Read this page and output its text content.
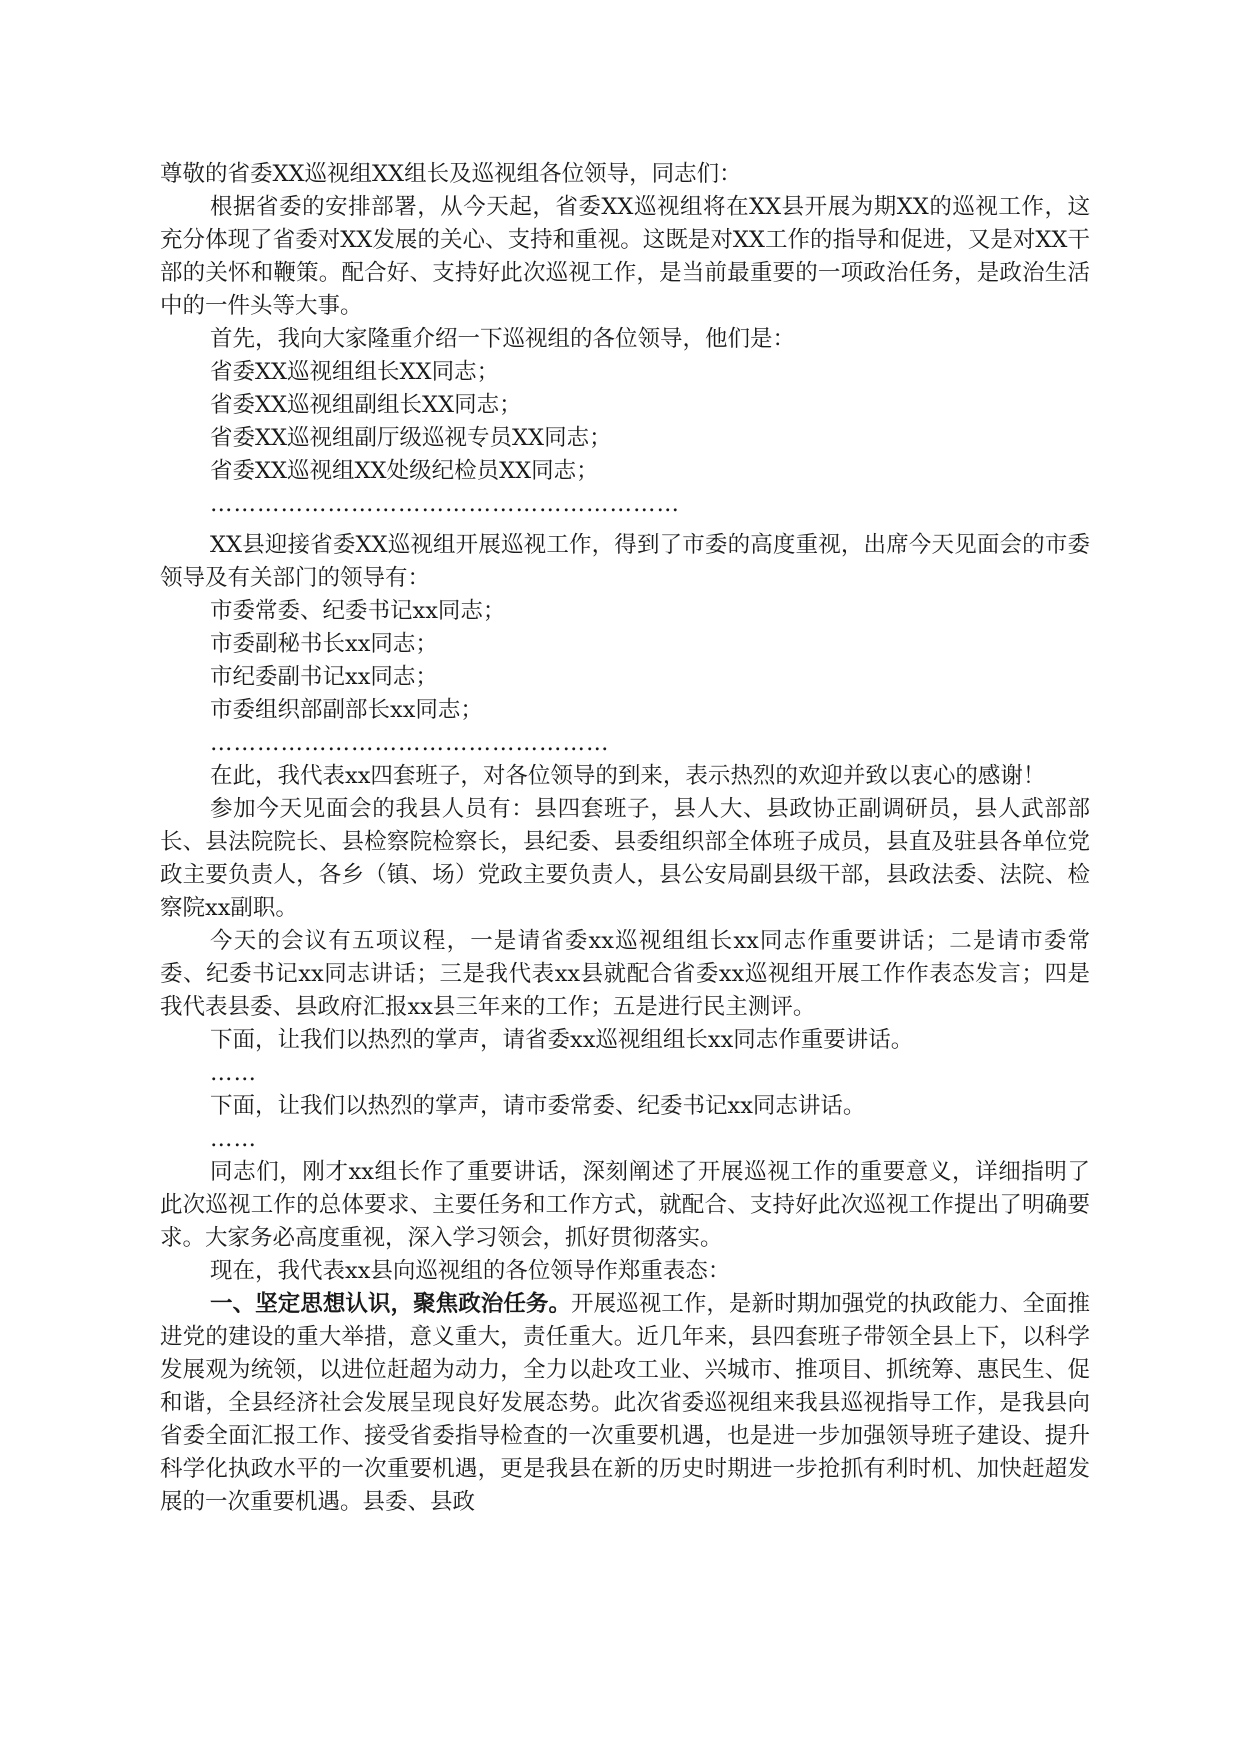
尊敬的省委XX巡视组XX组长及巡视组各位领导，同志们：

根据省委的安排部署，从今天起，省委XX巡视组将在XX县开展为期XX的巡视工作，这充分体现了省委对XX发展的关心、支持和重视。这既是对XX工作的指导和促进，又是对XX干部的关怀和鞭策。配合好、支持好此次巡视工作，是当前最重要的一项政治任务，是政治生活中的一件头等大事。

首先，我向大家隆重介绍一下巡视组的各位领导，他们是：

省委XX巡视组组长XX同志；

省委XX巡视组副组长XX同志；

省委XX巡视组副厅级巡视专员XX同志；

省委XX巡视组XX处级纪检员XX同志；

……………………………………………………

XX县迎接省委XX巡视组开展巡视工作，得到了市委的高度重视，出席今天见面会的市委领导及有关部门的领导有：

市委常委、纪委书记xx同志；

市委副秘书长xx同志；

市纪委副书记xx同志；

市委组织部副部长xx同志；

……………………………………………

在此，我代表xx四套班子，对各位领导的到来，表示热烈的欢迎并致以衷心的感谢！

参加今天见面会的我县人员有：县四套班子，县人大、县政协正副调研员，县人武部部长、县法院院长、县检察院检察长，县纪委、县委组织部全体班子成员，县直及驻县各单位党政主要负责人，各乡（镇、场）党政主要负责人，县公安局副县级干部，县政法委、法院、检察院xx副职。

今天的会议有五项议程，一是请省委xx巡视组组长xx同志作重要讲话；二是请市委常委、纪委书记xx同志讲话；三是我代表xx县就配合省委xx巡视组开展工作作表态发言；四是我代表县委、县政府汇报xx县三年来的工作；五是进行民主测评。

下面，让我们以热烈的掌声，请省委xx巡视组组长xx同志作重要讲话。

……

下面，让我们以热烈的掌声，请市委常委、纪委书记xx同志讲话。

……

同志们，刚才xx组长作了重要讲话，深刻阐述了开展巡视工作的重要意义，详细指明了此次巡视工作的总体要求、主要任务和工作方式，就配合、支持好此次巡视工作提出了明确要求。大家务必高度重视，深入学习领会，抓好贯彻落实。

现在，我代表xx县向巡视组的各位领导作郑重表态：

一、坚定思想认识，聚焦政治任务。开展巡视工作，是新时期加强党的执政能力、全面推进党的建设的重大举措，意义重大，责任重大。近几年来，县四套班子带领全县上下，以科学发展观为统领，以进位赶超为动力，全力以赴攻工业、兴城市、推项目、抓统筹、惠民生、促和谐，全县经济社会发展呈现良好发展态势。此次省委巡视组来我县巡视指导工作，是我县向省委全面汇报工作、接受省委指导检查的一次重要机遇，也是进一步加强领导班子建设、提升科学化执政水平的一次重要机遇，更是我县在新的历史时期进一步抢抓有利时机、加快赶超发展的一次重要机遇。县委、县政
